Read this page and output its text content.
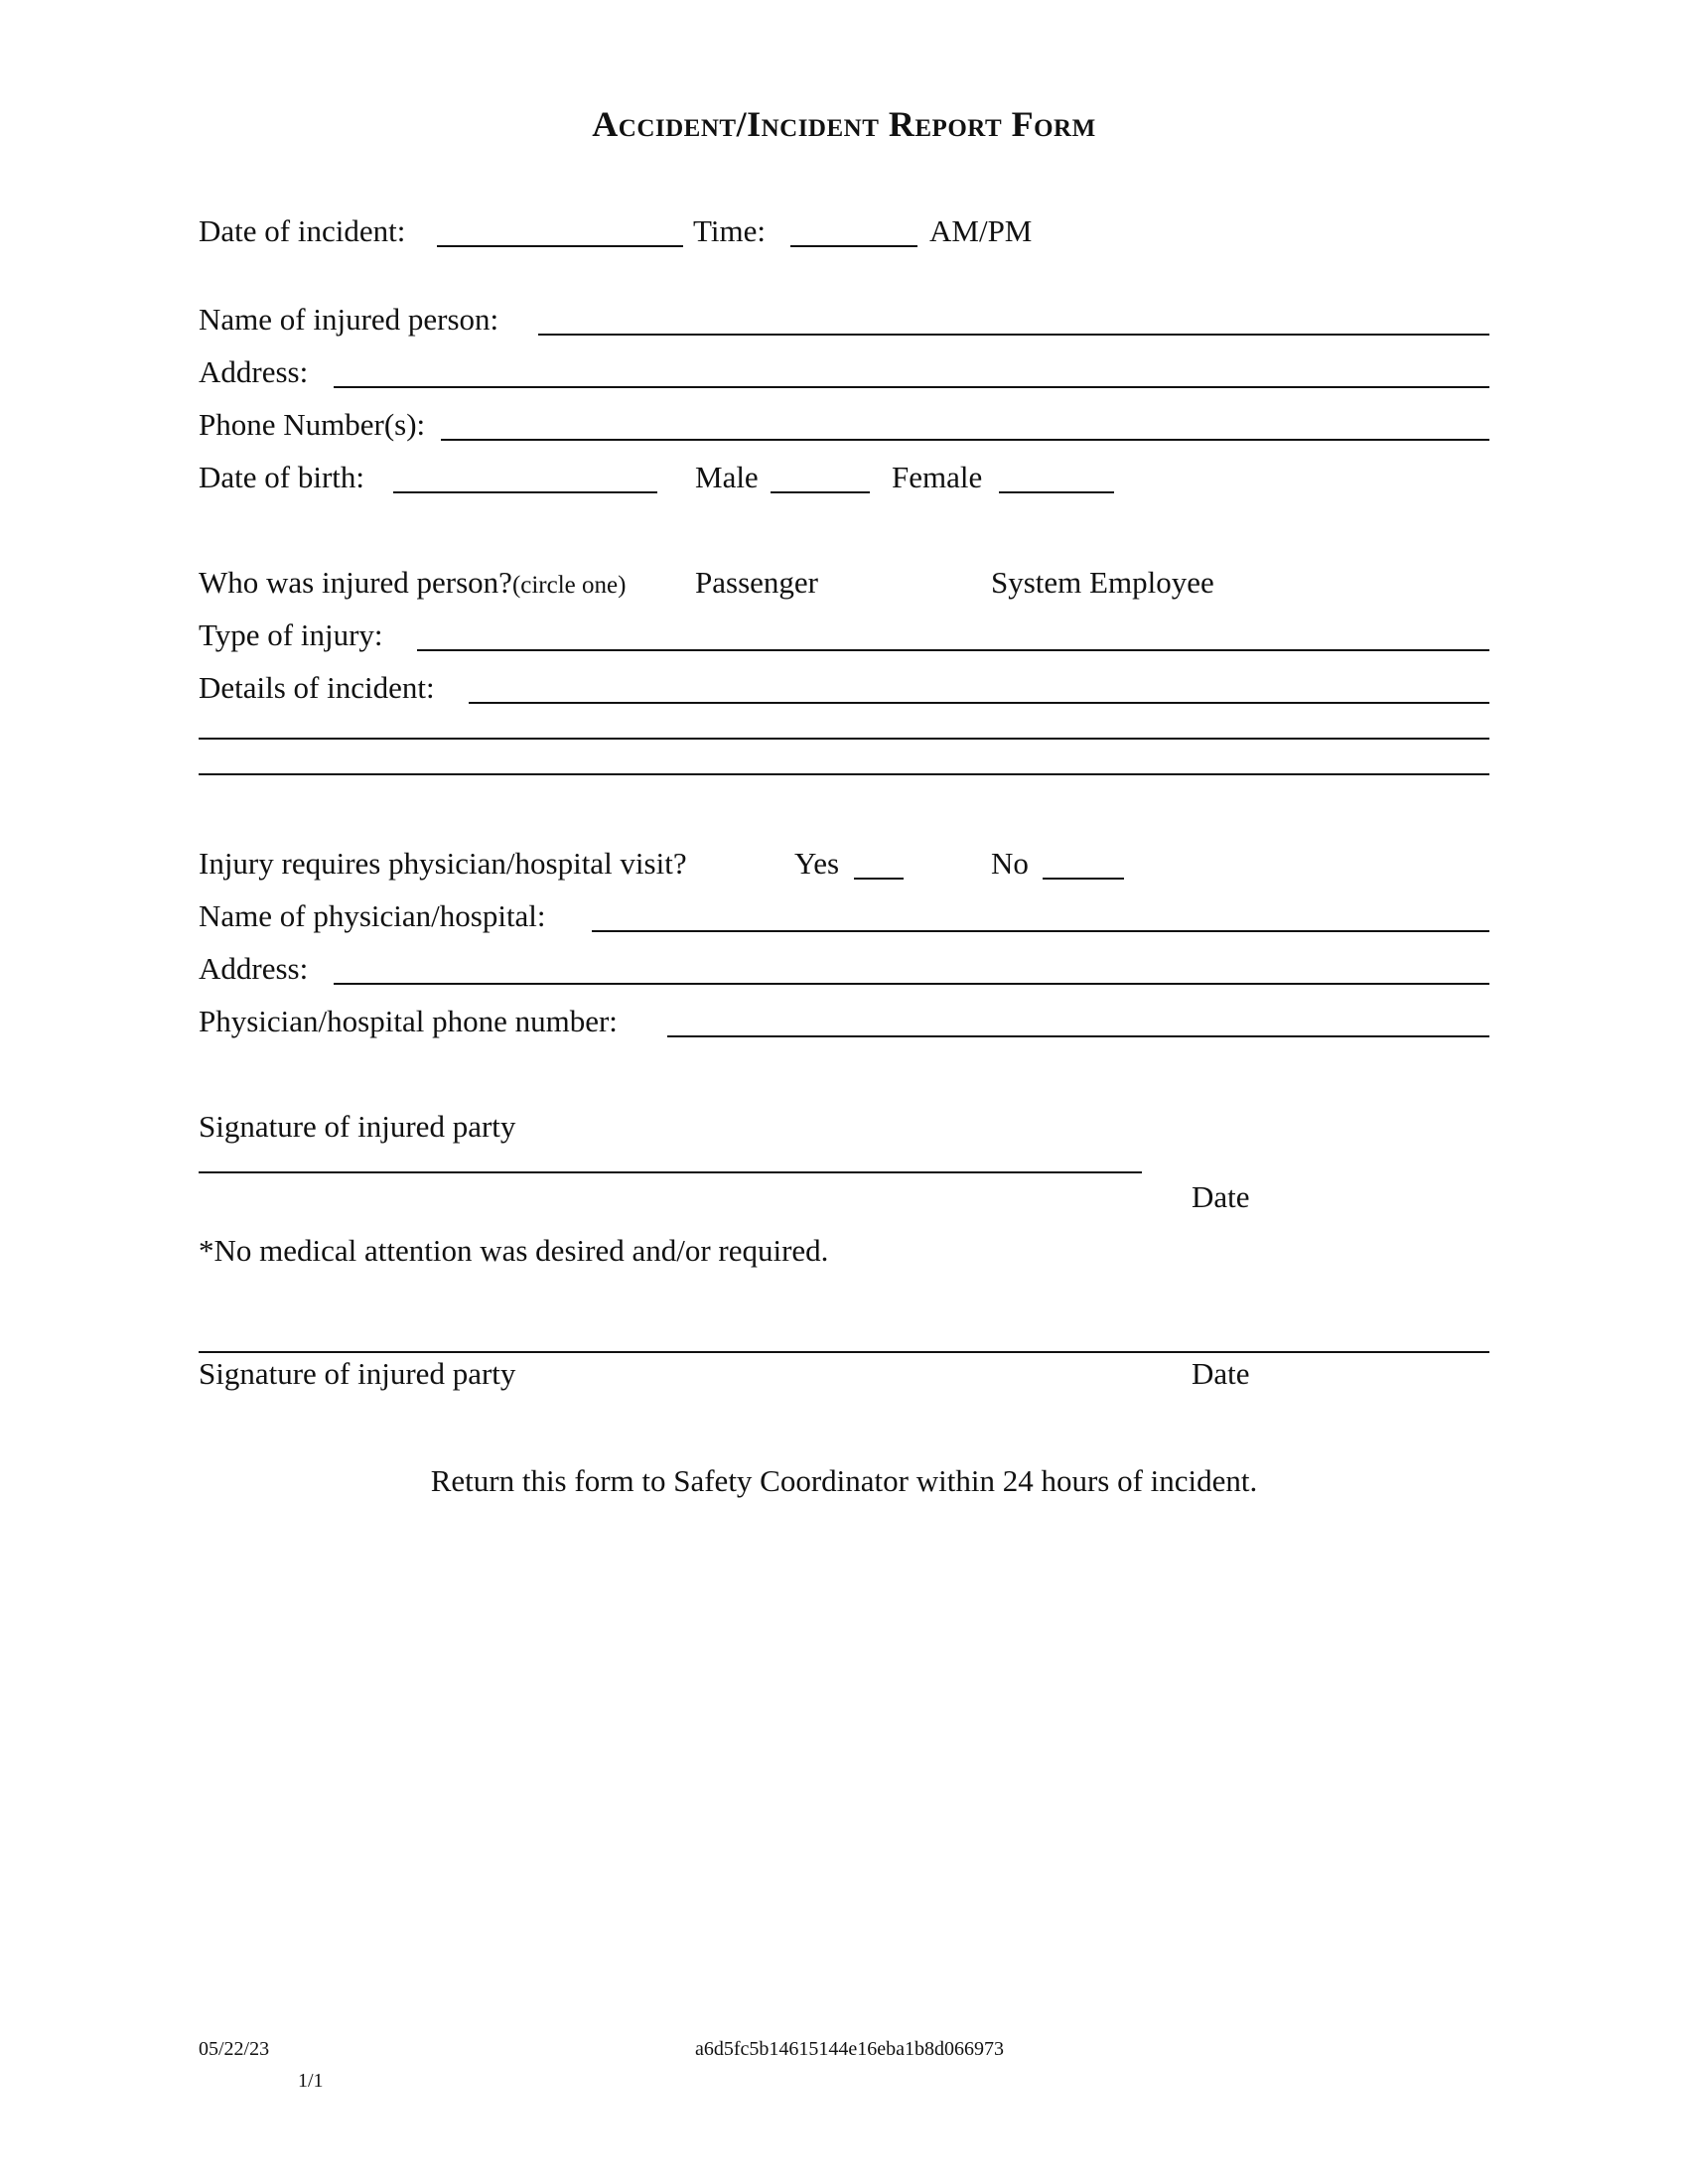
Accident/Incident Report Form
Date of incident:	Time:	AM/PM
Name of injured person:
Address:
Phone Number(s):
Date of birth:	Male	Female
Who was injured person?(circle one) Passenger	System Employee
Type of injury:
Details of incident:
Injury requires physician/hospital visit?	Yes	No
Name of physician/hospital:
Address:
Physician/hospital phone number:
Signature of injured party
Date
*No medical attention was desired and/or required.
Signature of injured party	Date
Return this form to Safety Coordinator within 24 hours of incident.
05/22/23
1/1
a6d5fc5b14615144e16eba1b8d066973
